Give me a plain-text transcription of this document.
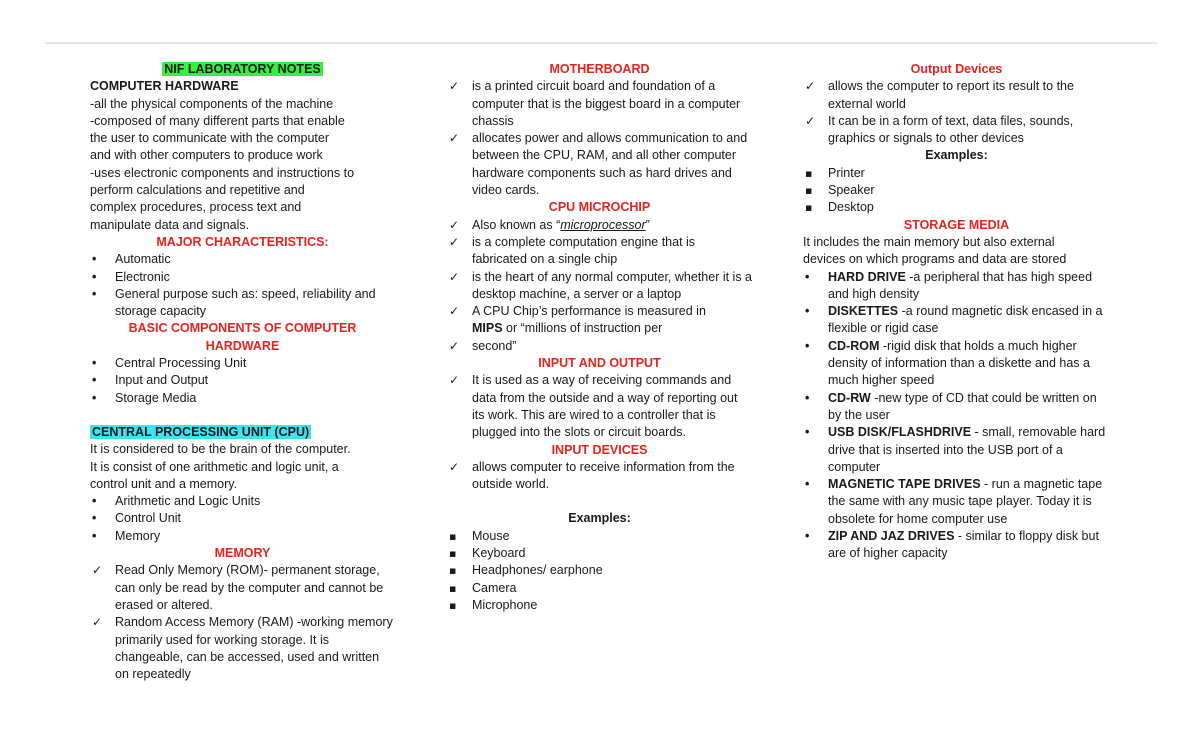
NIF LABORATORY NOTES
COMPUTER HARDWARE
-all the physical components of the machine
-composed of many different parts that enable
the user to communicate with the computer
and with other computers to produce work
-uses electronic components and instructions to
perform calculations and repetitive and
complex procedures, process text and
manipulate data and signals.
MAJOR CHARACTERISTICS:
• Automatic
• Electronic
• General purpose such as: speed, reliability and storage capacity
BASIC COMPONENTS OF COMPUTER
HARDWARE
• Central Processing Unit
• Input and Output
• Storage Media
CENTRAL PROCESSING UNIT (CPU)
It is considered to be the brain of the computer.
It is consist of one arithmetic and logic unit, a
control unit and a memory.
• Arithmetic and Logic Units
• Control Unit
• Memory
MEMORY
✓ Read Only Memory (ROM)- permanent storage, can only be read by the computer and cannot be erased or altered.
✓ Random Access Memory (RAM) -working memory primarily used for working storage. It is changeable, can be accessed, used and written on repeatedly
MOTHERBOARD
✓ is a printed circuit board and foundation of a computer that is the biggest board in a computer chassis
✓ allocates power and allows communication to and between the CPU, RAM, and all other computer hardware components such as hard drives and video cards.
CPU MICROCHIP
✓ Also known as “microprocessor”
✓ is a complete computation engine that is fabricated on a single chip
✓ is the heart of any normal computer, whether it is a desktop machine, a server or a laptop
✓ A CPU Chip’s performance is measured in
MIPS or “millions of instruction per
✓ second”
INPUT AND OUTPUT
✓ It is used as a way of receiving commands and data from the outside and a way of reporting out its work. This are wired to a controller that is plugged into the slots or circuit boards.
INPUT DEVICES
✓ allows computer to receive information from the outside world.
Examples:
▪ Mouse
▪ Keyboard
▪ Headphones/ earphone
▪ Camera
▪ Microphone
Output Devices
✓ allows the computer to report its result to the external world
✓ It can be in a form of text, data files, sounds, graphics or signals to other devices
Examples:
▪ Printer
▪ Speaker
▪ Desktop
STORAGE MEDIA
It includes the main memory but also external
devices on which programs and data are stored
• HARD DRIVE -a peripheral that has high speed and high density
• DISKETTES -a round magnetic disk encased in a flexible or rigid case
• CD-ROM -rigid disk that holds a much higher density of information than a diskette and has a much higher speed
• CD-RW -new type of CD that could be written on by the user
• USB DISK/FLASHDRIVE - small, removable hard drive that is inserted into the USB port of a computer
• MAGNETIC TAPE DRIVES - run a magnetic tape the same with any music tape player. Today it is obsolete for home computer use
• ZIP AND JAZ DRIVES - similar to floppy disk but are of higher capacity
